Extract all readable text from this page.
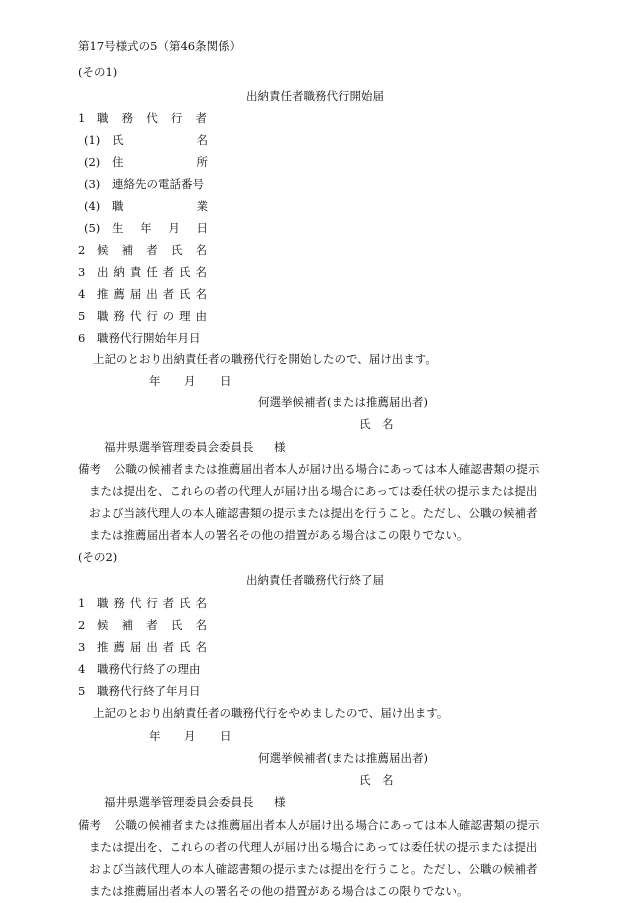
第17号様式の5（第46条関係）
(その1)
出納責任者職務代行開始届
1 職 務 代 行 者
(1) 氏	名
(2) 住	所
(3) 連絡先の電話番号
(4) 職	業
(5) 生 年 月 日
2 候 補 者 氏 名
3 出 納 責 任 者 氏 名
4 推 薦 届 出 者 氏 名
5 職 務 代 行 の 理 由
6 職務代行開始年月日
上記のとおり出納責任者の職務代行を開始したので、届け出ます。
年 月 日
何選挙候補者(または推薦届出者)
氏　名
福井県選挙管理委員会委員長 様
備考 公職の候補者または推薦届出者本人が届け出る場合にあっては本人確認書類の提示
または提出を、これらの者の代理人が届け出る場合にあっては委任状の提示または提出
および当該代理人の本人確認書類の提示または提出を行うこと。ただし、公職の候補者
または推薦届出者本人の署名その他の措置がある場合はこの限りでない。
(その2)
出納責任者職務代行終了届
1 職 務 代 行 者 氏 名
2 候 補 者 氏 名
3 推 薦 届 出 者 氏 名
4 職務代行終了の理由
5 職務代行終了年月日
上記のとおり出納責任者の職務代行をやめましたので、届け出ます。
年 月 日
何選挙候補者(または推薦届出者)
氏　名
福井県選挙管理委員会委員長 様
備考 公職の候補者または推薦届出者本人が届け出る場合にあっては本人確認書類の提示
または提出を、これらの者の代理人が届け出る場合にあっては委任状の提示または提出
および当該代理人の本人確認書類の提示または提出を行うこと。ただし、公職の候補者
または推薦届出者本人の署名その他の措置がある場合はこの限りでない。
